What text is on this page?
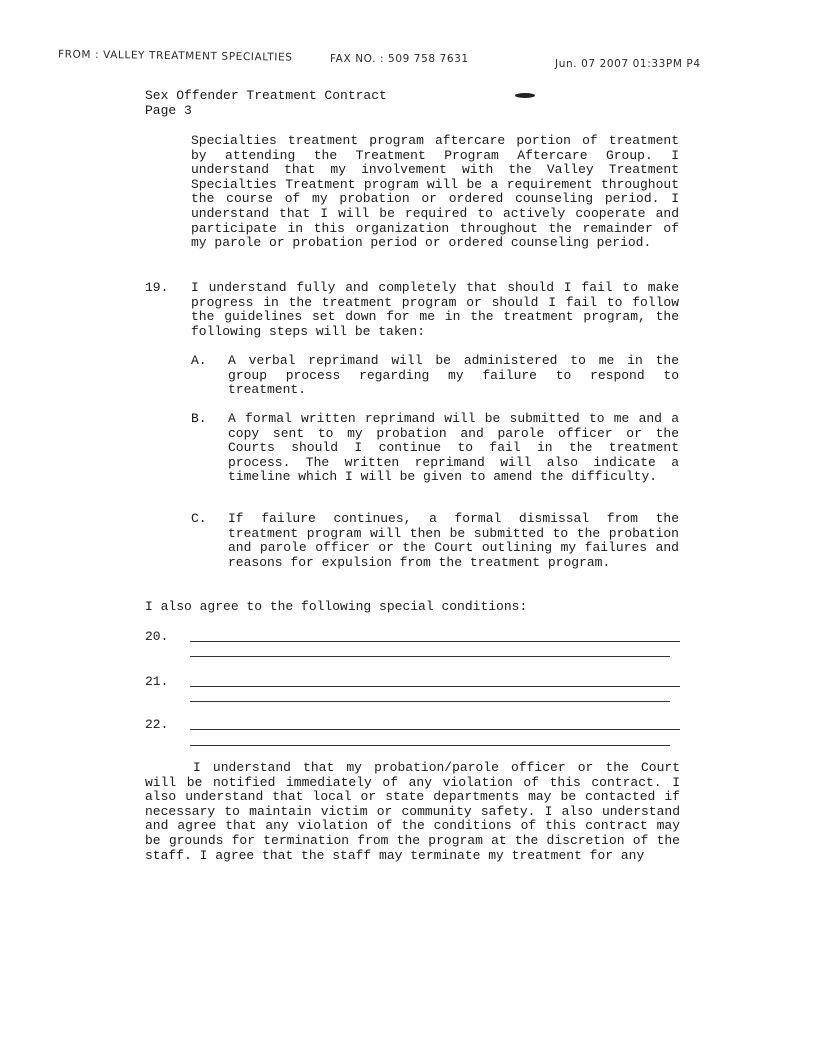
FROM : VALLEY TREATMENT SPECIALTIES	FAX NO. : 509 758 7631	Jun. 07 2007 01:33PM P4
Sex Offender Treatment Contract
Page 3
Specialties treatment program aftercare portion of treatment by attending the Treatment Program Aftercare Group. I understand that my involvement with the Valley Treatment Specialties Treatment program will be a requirement throughout the course of my probation or ordered counseling period. I understand that I will be required to actively cooperate and participate in this organization throughout the remainder of my parole or probation period or ordered counseling period.
19. I understand fully and completely that should I fail to make progress in the treatment program or should I fail to follow the guidelines set down for me in the treatment program, the following steps will be taken:
A. A verbal reprimand will be administered to me in the group process regarding my failure to respond to treatment.
B. A formal written reprimand will be submitted to me and a copy sent to my probation and parole officer or the Courts should I continue to fail in the treatment process. The written reprimand will also indicate a timeline which I will be given to amend the difficulty.
C. If failure continues, a formal dismissal from the treatment program will then be submitted to the probation and parole officer or the Court outlining my failures and reasons for expulsion from the treatment program.
I also agree to the following special conditions:
20.
21.
22.
I understand that my probation/parole officer or the Court will be notified immediately of any violation of this contract. I also understand that local or state departments may be contacted if necessary to maintain victim or community safety. I also understand and agree that any violation of the conditions of this contract may be grounds for termination from the program at the discretion of the staff. I agree that the staff may terminate my treatment for any
